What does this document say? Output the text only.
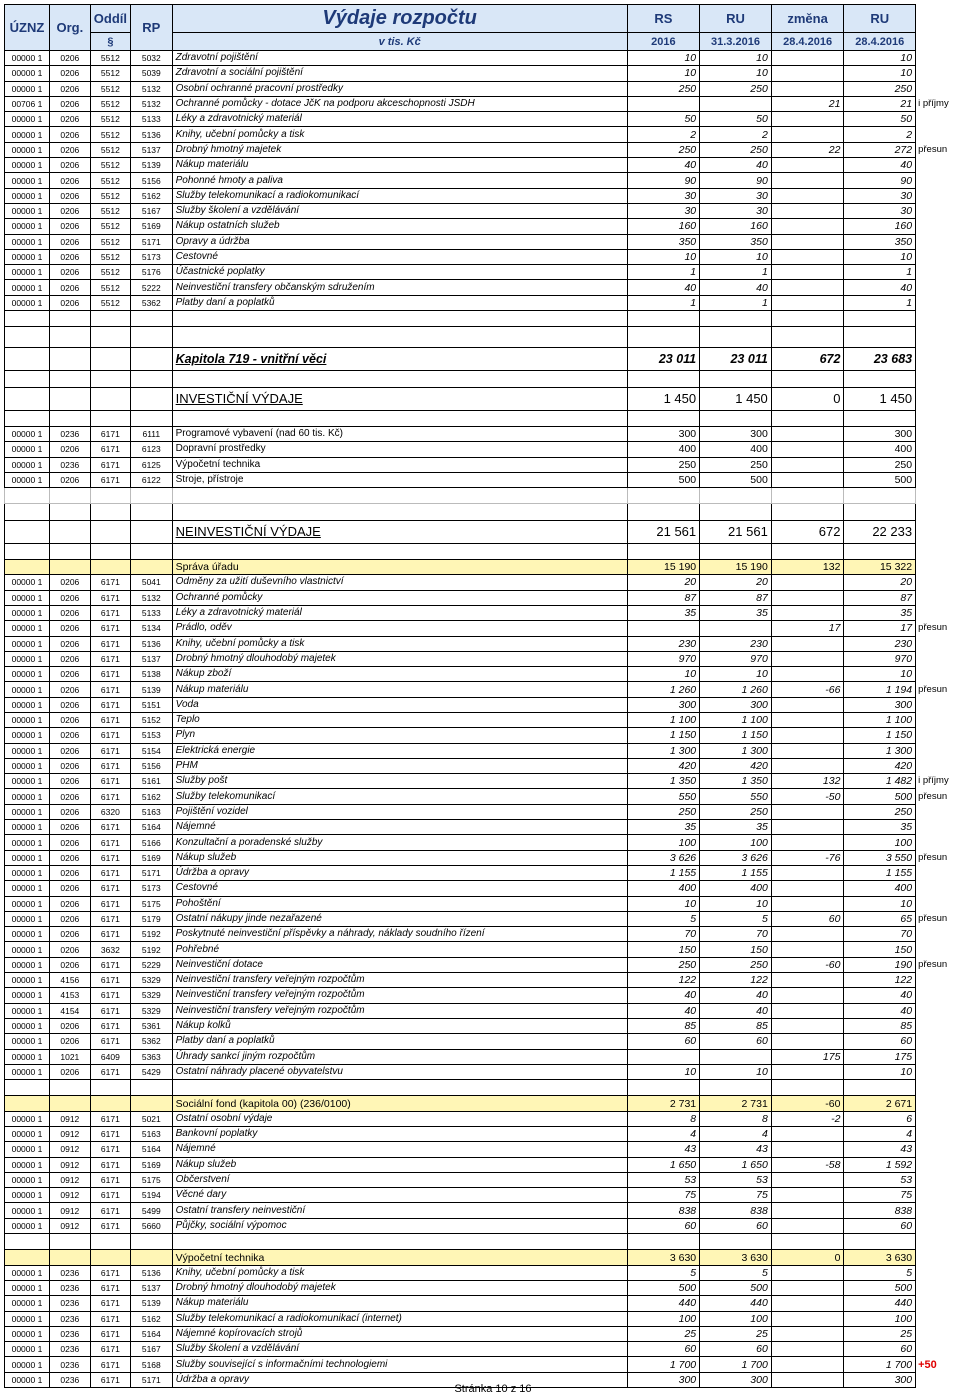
ÚZNZ	Org.	Oddíl	RP	Výdaje rozpočtu	RS	RU	změna	RU	
		§		v tis. Kč	2016	31.3.2016	28.4.2016	28.4.2016	
00000 1	0206	5512	5032	Zdravotní pojištění	10	10		10	
00000 1	0206	5512	5039	Zdravotní a sociální pojištění	10	10		10	
00000 1	0206	5512	5132	Osobní ochranné pracovní prostředky	250	250		250	
00706 1	0206	5512	5132	Ochranné pomůcky - dotace JčK na podporu akceschopnosti JSDH			21	21	i příjmy
00000 1	0206	5512	5133	Léky a zdravotnický materiál	50	50		50	
00000 1	0206	5512	5136	Knihy, učební pomůcky a tisk	2	2		2	
00000 1	0206	5512	5137	Drobný hmotný majetek	250	250	22	272	přesun
00000 1	0206	5512	5139	Nákup materiálu	40	40		40	
00000 1	0206	5512	5156	Pohonné hmoty a paliva	90	90		90	
00000 1	0206	5512	5162	Služby telekomunikací a radiokomunikací	30	30		30	
00000 1	0206	5512	5167	Služby školení a vzdělávání	30	30		30	
00000 1	0206	5512	5169	Nákup ostatních služeb	160	160		160	
00000 1	0206	5512	5171	Opravy a údržba	350	350		350	
00000 1	0206	5512	5173	Cestovné	10	10		10	
00000 1	0206	5512	5176	Účastnické poplatky	1	1		1	
00000 1	0206	5512	5222	Neinvestiční transfery občanským sdružením	40	40		40	
00000 1	0206	5512	5362	Platby daní a poplatků	1	1		1	

				Kapitola 719 - vnitřní věci	23 011	23 011	672	23 683	

				INVESTIČNÍ VÝDAJE	1 450	1 450	0	1 450	

00000 1	0236	6171	6111	Programové vybavení (nad 60 tis. Kč)	300	300		300	
00000 1	0206	6171	6123	Dopravní prostředky	400	400		400	
00000 1	0236	6171	6125	Výpočetní technika	250	250		250	
00000 1	0206	6171	6122	Stroje, přístroje	500	500		500	

				NEINVESTIČNÍ VÝDAJE	21 561	21 561	672	22 233	

				Správa úřadu	15 190	15 190	132	15 322	
00000 1	0206	6171	5041	Odměny za užití duševního vlastnictví	20	20		20	
00000 1	0206	6171	5132	Ochranné pomůcky	87	87		87	
00000 1	0206	6171	5133	Léky a zdravotnický materiál	35	35		35	
00000 1	0206	6171	5134	Prádlo, oděv			17	17	přesun
00000 1	0206	6171	5136	Knihy, učební pomůcky a tisk	230	230		230	
00000 1	0206	6171	5137	Drobný hmotný dlouhodobý majetek	970	970		970	
00000 1	0206	6171	5138	Nákup zboží	10	10		10	
00000 1	0206	6171	5139	Nákup materiálu	1 260	1 260	-66	1 194	přesun
00000 1	0206	6171	5151	Voda	300	300		300	
00000 1	0206	6171	5152	Teplo	1 100	1 100		1 100	
00000 1	0206	6171	5153	Plyn	1 150	1 150		1 150	
00000 1	0206	6171	5154	Elektrická energie	1 300	1 300		1 300	
00000 1	0206	6171	5156	PHM	420	420		420	
00000 1	0206	6171	5161	Služby pošt	1 350	1 350	132	1 482	i příjmy
00000 1	0206	6171	5162	Služby telekomunikací	550	550	-50	500	přesun
00000 1	0206	6320	5163	Pojištění vozidel	250	250		250	
00000 1	0206	6171	5164	Nájemné	35	35		35	
00000 1	0206	6171	5166	Konzultační a poradenské služby	100	100		100	
00000 1	0206	6171	5169	Nákup služeb	3 626	3 626	-76	3 550	přesun
00000 1	0206	6171	5171	Údržba a opravy	1 155	1 155		1 155	
00000 1	0206	6171	5173	Cestovné	400	400		400	
00000 1	0206	6171	5175	Pohoštění	10	10		10	
00000 1	0206	6171	5179	Ostatní nákupy jinde nezařazené	5	5	60	65	přesun
00000 1	0206	6171	5192	Poskytnuté neinvestiční příspěvky a náhrady, náklady soudního řízení	70	70		70	
00000 1	0206	3632	5192	Pohřebné	150	150		150	
00000 1	0206	6171	5229	Neinvestiční dotace	250	250	-60	190	přesun
00000 1	4156	6171	5329	Neinvestiční transfery veřejným rozpočtům	122	122		122	
00000 1	4153	6171	5329	Neinvestiční transfery veřejným rozpočtům	40	40		40	
00000 1	4154	6171	5329	Neinvestiční transfery veřejným rozpočtům	40	40		40	
00000 1	0206	6171	5361	Nákup kolků	85	85		85	
00000 1	0206	6171	5362	Platby daní a poplatků	60	60		60	
00000 1	1021	6409	5363	Úhrady sankcí jiným rozpočtům			175	175	
00000 1	0206	6171	5429	Ostatní náhrady placené obyvatelstvu	10	10		10	

				Sociální fond (kapitola 00) (236/0100)	2 731	2 731	-60	2 671	
00000 1	0912	6171	5021	Ostatní osobní výdaje	8	8	-2	6	
00000 1	0912	6171	5163	Bankovní poplatky	4	4		4	
00000 1	0912	6171	5164	Nájemné	43	43		43	
00000 1	0912	6171	5169	Nákup služeb	1 650	1 650	-58	1 592	
00000 1	0912	6171	5175	Občerstvení	53	53		53	
00000 1	0912	6171	5194	Věcné dary	75	75		75	
00000 1	0912	6171	5499	Ostatní transfery neinvestiční	838	838		838	
00000 1	0912	6171	5660	Půjčky, sociální výpomoc	60	60		60	

				Výpočetní technika	3 630	3 630	0	3 630	
00000 1	0236	6171	5136	Knihy, učební pomůcky a tisk	5	5		5	
00000 1	0236	6171	5137	Drobný hmotný dlouhodobý majetek	500	500		500	
00000 1	0236	6171	5139	Nákup materiálu	440	440		440	
00000 1	0236	6171	5162	Služby telekomunikací a radiokomunikací (internet)	100	100		100	
00000 1	0236	6171	5164	Nájemné kopírovacích strojů	25	25		25	
00000 1	0236	6171	5167	Služby školení a vzdělávání	60	60		60	
00000 1	0236	6171	5168	Služby související s informačními technologiemi	1 700	1 700		1 700	+50
00000 1	0236	6171	5171	Údržba a opravy	300	300		300	
Stránka 10 z 16
